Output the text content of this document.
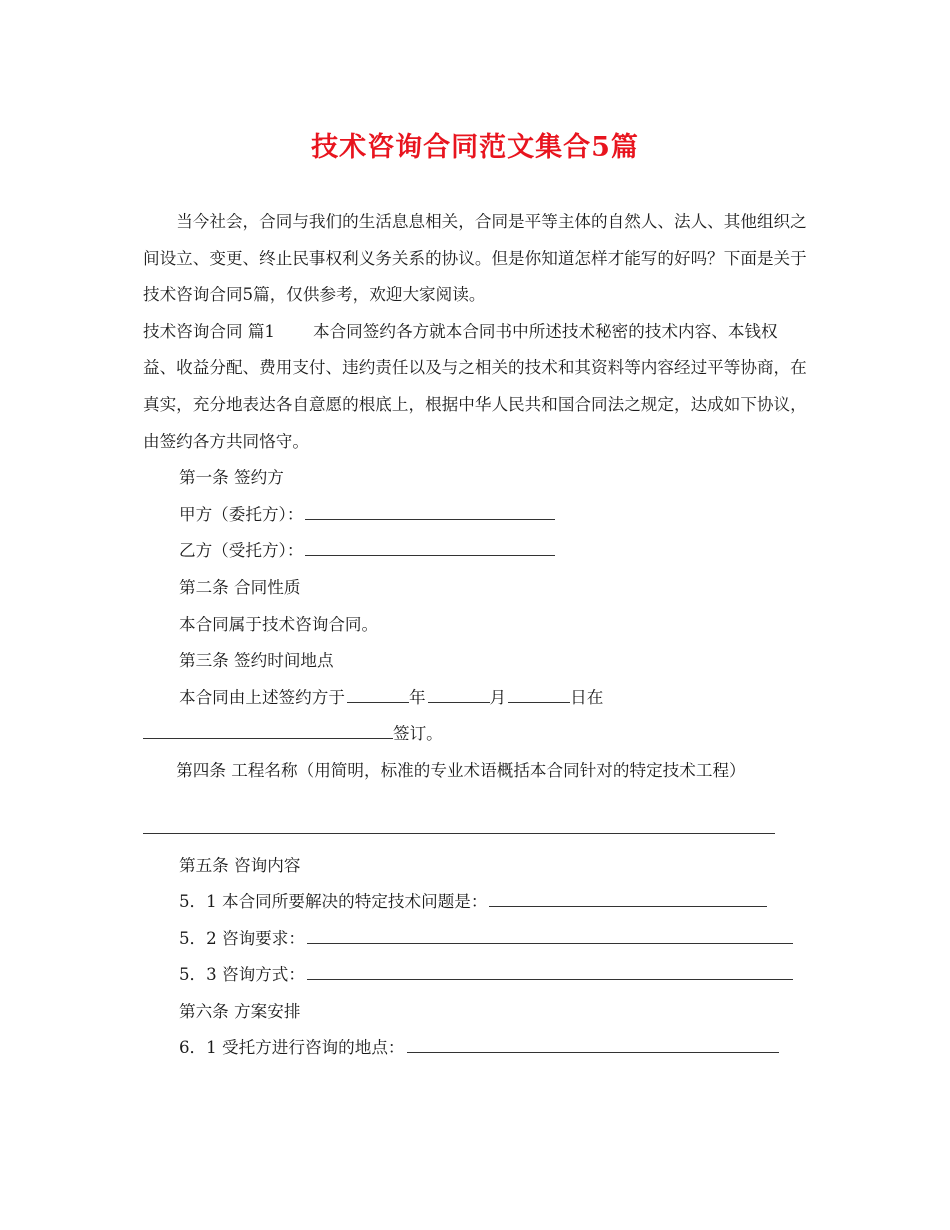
技术咨询合同范文集合5篇

当今社会，合同与我们的生活息息相关，合同是平等主体的自然人、法人、其他组织之间设立、变更、终止民事权利义务关系的协议。但是你知道怎样才能写的好吗？下面是关于技术咨询合同5篇，仅供参考，欢迎大家阅读。

技术咨询合同 篇1 本合同签约各方就本合同书中所述技术秘密的技术内容、本钱权益、收益分配、费用支付、违约责任以及与之相关的技术和其资料等内容经过平等协商，在真实，充分地表达各自意愿的根底上，根据中华人民共和国合同法之规定，达成如下协议，由签约各方共同恪守。

第一条 签约方

甲方（委托方）：

乙方（受托方）：

第二条 合同性质

本合同属于技术咨询合同。

第三条 签约时间地点

本合同由上述签约方于	年	月	日在

签订。

第四条 工程名称（用简明，标准的专业术语概括本合同针对的特定技术工程）

第五条 咨询内容

5．1 本合同所要解决的特定技术问题是：

5．2 咨询要求：

5．3 咨询方式：

第六条 方案安排

6．1 受托方进行咨询的地点：
